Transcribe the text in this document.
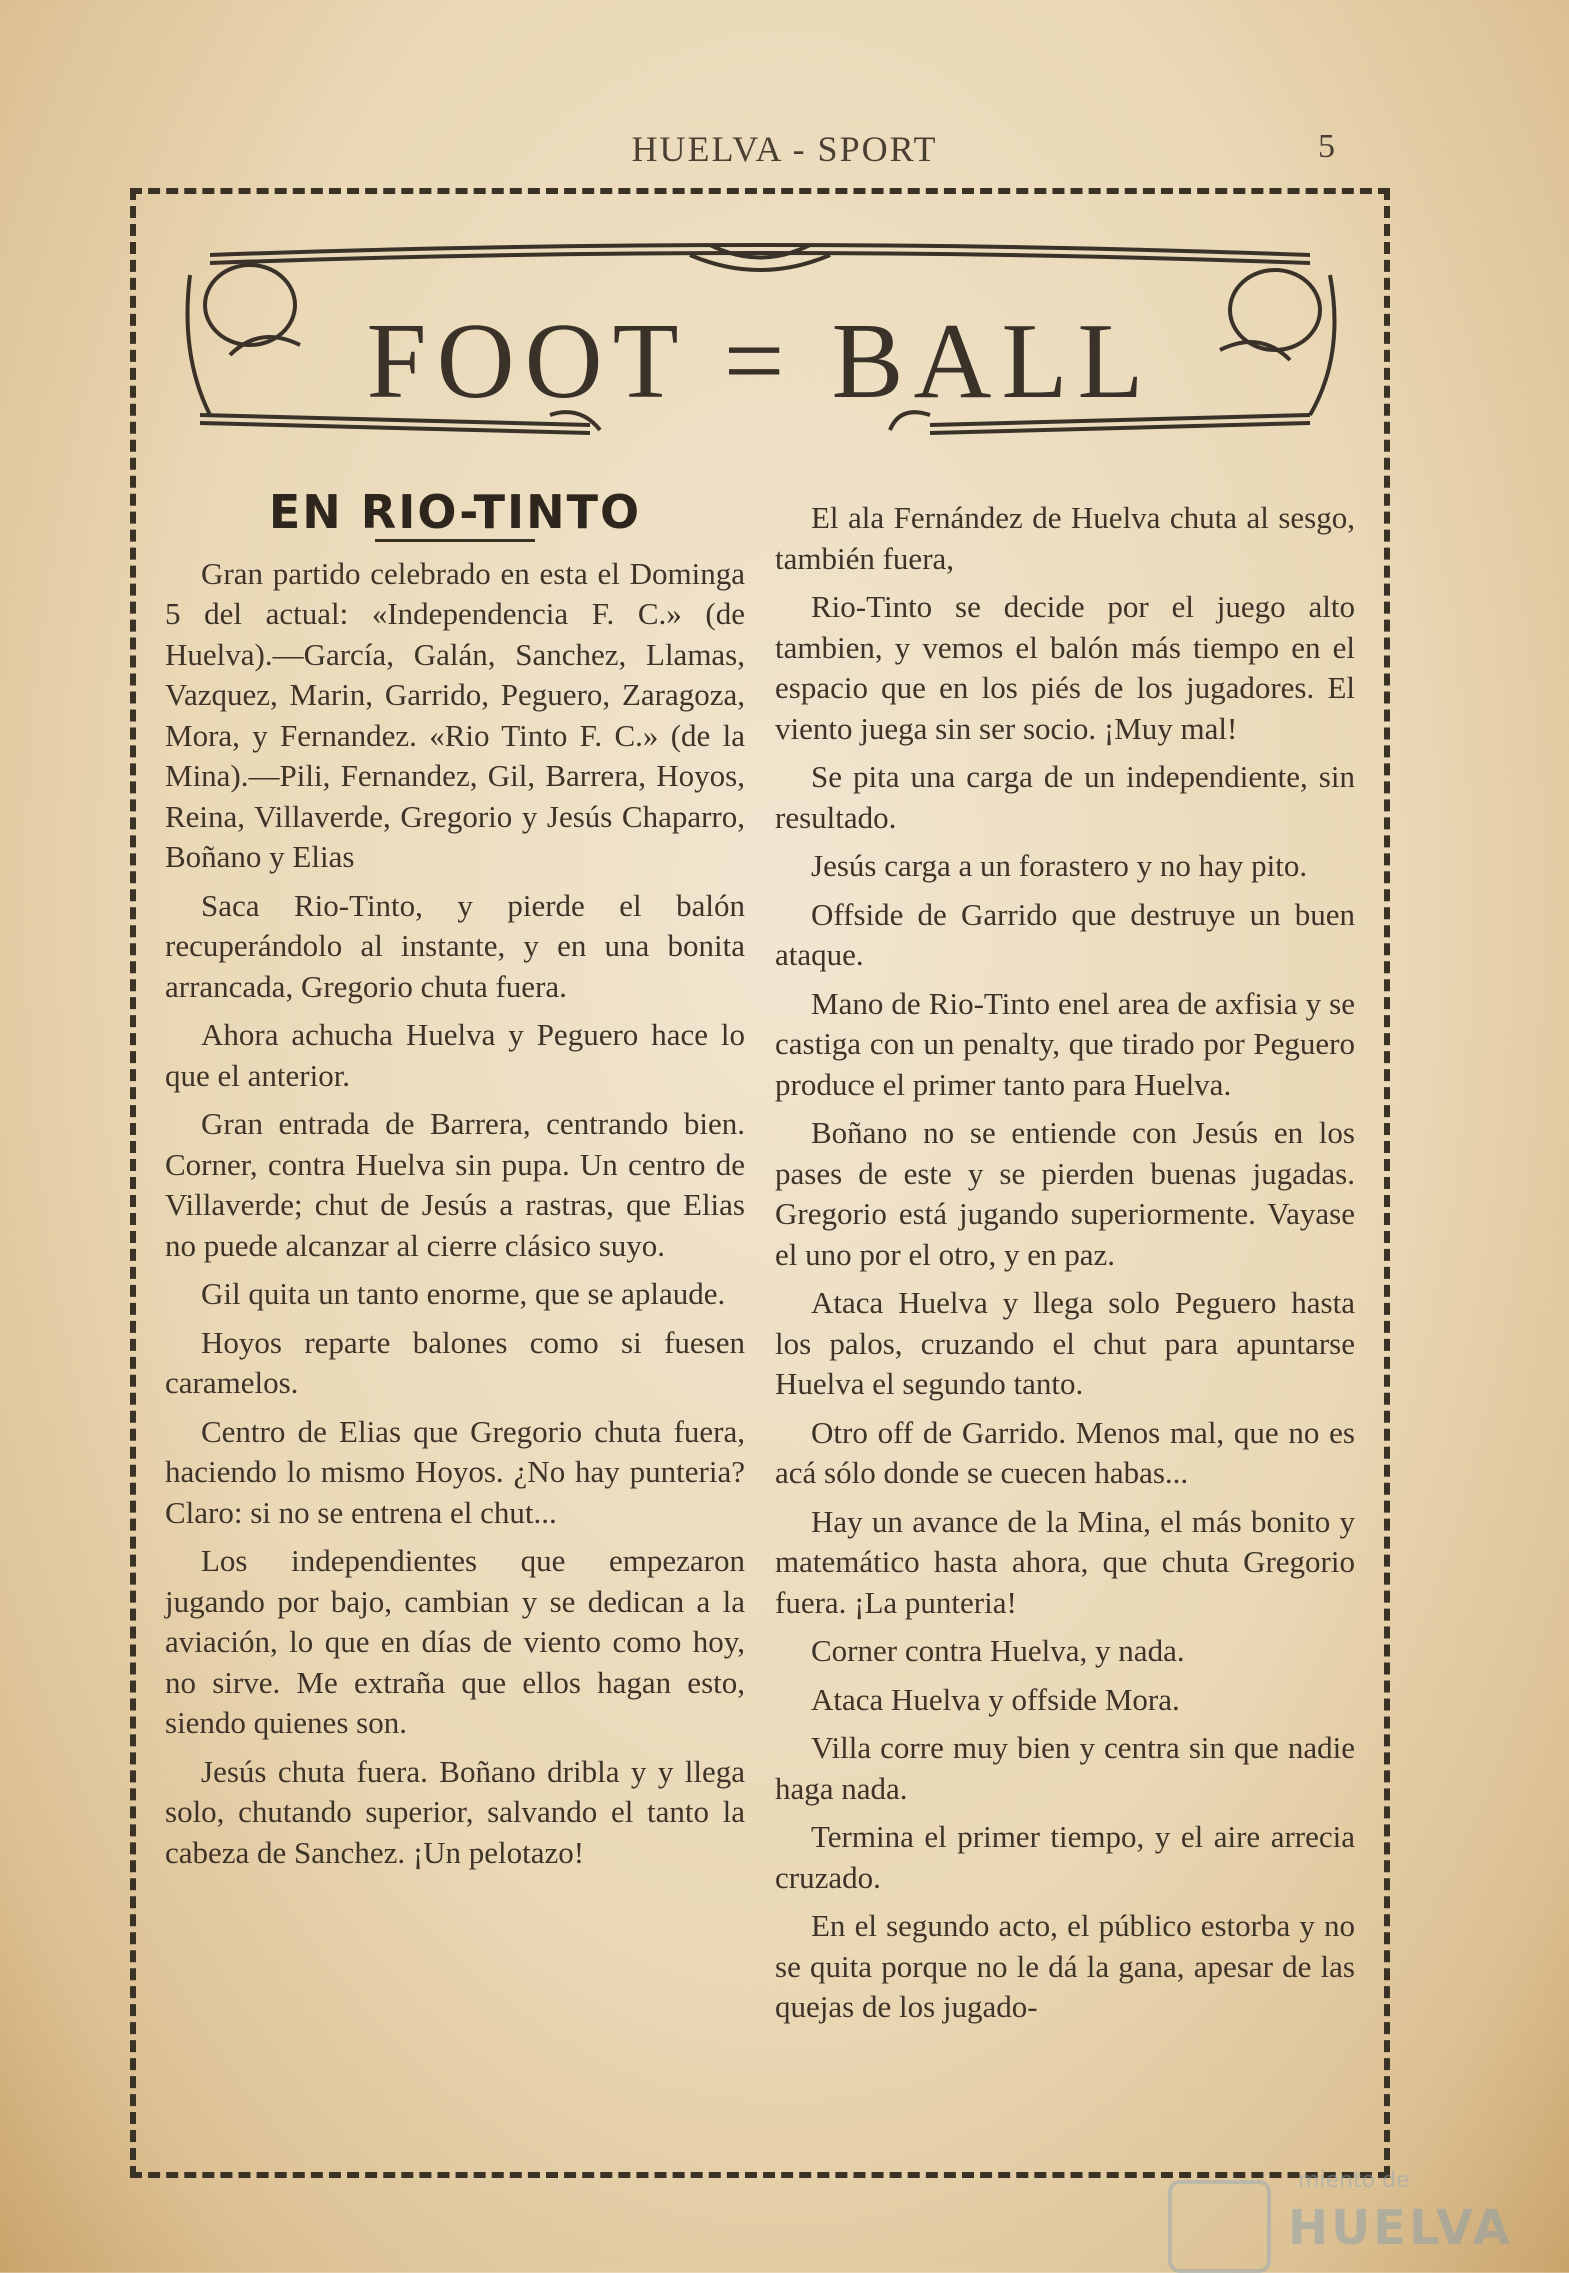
HUELVA - SPORT	5
FOOT = BALL
EN RIO-TINTO

Gran partido celebrado en esta el Dominga 5 del actual: «Independencia F. C.» (de Huelva).—García, Galán, Sanchez, Llamas, Vazquez, Marin, Garrido, Peguero, Zaragoza, Mora, y Fernandez. «Rio Tinto F. C.» (de la Mina).—Pili, Fernandez, Gil, Barrera, Hoyos, Reina, Villaverde, Gregorio y Jesús Chaparro, Boñano y Elias

Saca Rio-Tinto, y pierde el balón recuperándolo al instante, y en una bonita arrancada, Gregorio chuta fuera.

Ahora achucha Huelva y Peguero hace lo que el anterior.

Gran entrada de Barrera, centrando bien. Corner, contra Huelva sin pupa. Un centro de Villaverde; chut de Jesús a rastras, que Elias no puede alcanzar al cierre clásico suyo.

Gil quita un tanto enorme, que se aplaude.

Hoyos reparte balones como si fuesen caramelos.

Centro de Elias que Gregorio chuta fuera, haciendo lo mismo Hoyos. ¿No hay punteria? Claro: si no se entrena el chut...

Los independientes que empezaron jugando por bajo, cambian y se dedican a la aviación, lo que en días de viento como hoy, no sirve. Me extraña que ellos hagan esto, siendo quienes son.

Jesús chuta fuera. Boñano dribla y y llega solo, chutando superior, salvando el tanto la cabeza de Sanchez. ¡Un pelotazo!

El ala Fernández de Huelva chuta al sesgo, también fuera,

Rio-Tinto se decide por el juego alto tambien, y vemos el balón más tiempo en el espacio que en los piés de los jugadores. El viento juega sin ser socio. ¡Muy mal!

Se pita una carga de un independiente, sin resultado.

Jesús carga a un forastero y no hay pito.

Offside de Garrido que destruye un buen ataque.

Mano de Rio-Tinto enel area de axfisia y se castiga con un penalty, que tirado por Peguero produce el primer tanto para Huelva.

Boñano no se entiende con Jesús en los pases de este y se pierden buenas jugadas. Gregorio está jugando superiormente. Vayase el uno por el otro, y en paz.

Ataca Huelva y llega solo Peguero hasta los palos, cruzando el chut para apuntarse Huelva el segundo tanto.

Otro off de Garrido. Menos mal, que no es acá sólo donde se cuecen habas...

Hay un avance de la Mina, el más bonito y matemático hasta ahora, que chuta Gregorio fuera. ¡La punteria!

Corner contra Huelva, y nada.

Ataca Huelva y offside Mora.

Villa corre muy bien y centra sin que nadie haga nada.

Termina el primer tiempo, y el aire arrecia cruzado.

En el segundo acto, el público estorba y no se quita porque no le dá la gana, apesar de las quejas de los jugado-

miento de
HUELVA
